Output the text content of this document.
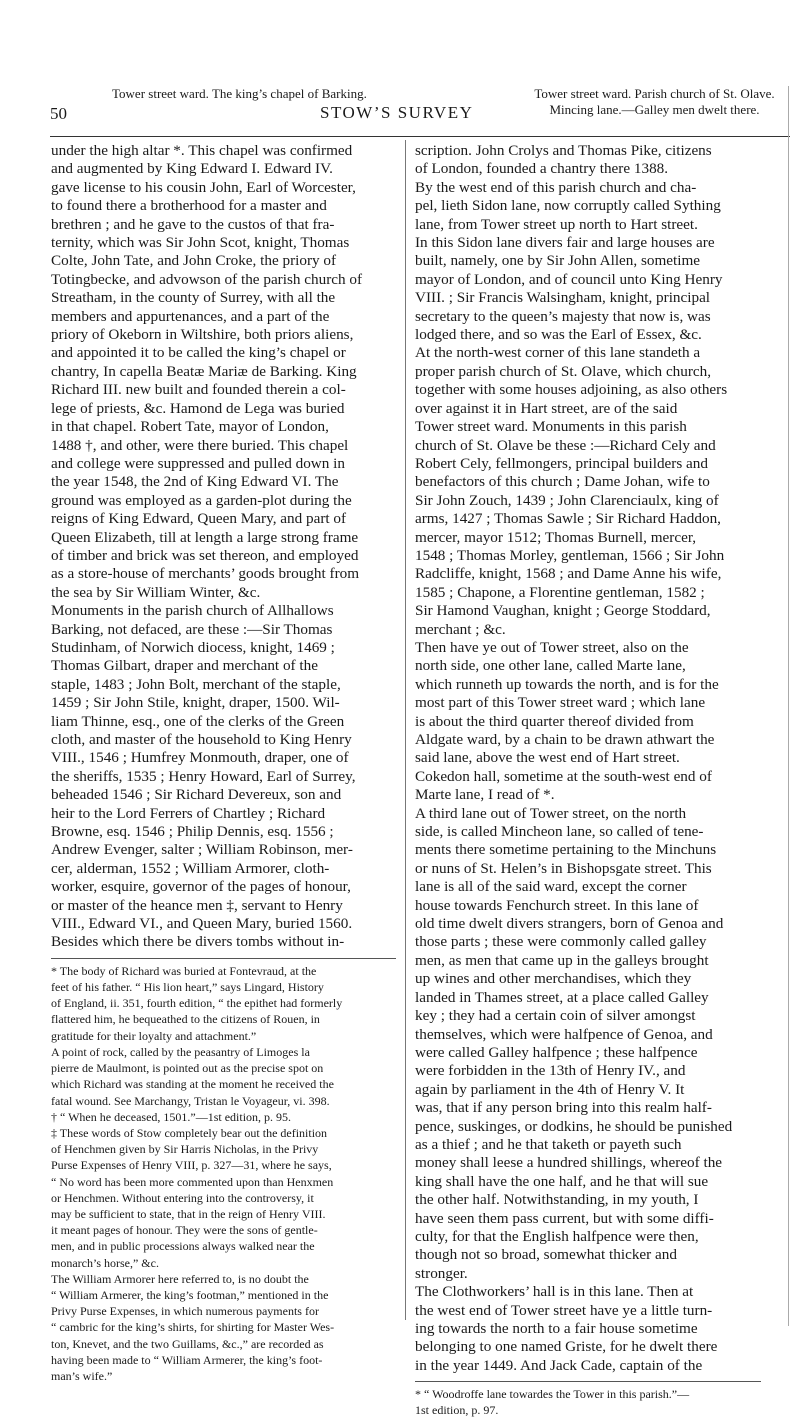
50
Tower street ward. The king’s chapel of Barking.
STOW’S SURVEY
Tower street ward. Parish church of St. Olave. Mincing lane.—Galley men dwelt there.
under the high altar *. This chapel was confirmed
and augmented by King Edward I. Edward IV.
gave license to his cousin John, Earl of Worcester,
to found there a brotherhood for a master and
brethren ; and he gave to the custos of that fra-
ternity, which was Sir John Scot, knight, Thomas
Colte, John Tate, and John Croke, the priory of
Totingbecke, and advowson of the parish church of
Streatham, in the county of Surrey, with all the
members and appurtenances, and a part of the
priory of Okeborn in Wiltshire, both priors aliens,
and appointed it to be called the king’s chapel or
chantry, In capella Beatæ Mariæ de Barking. King
Richard III. new built and founded therein a col-
lege of priests, &c. Hamond de Lega was buried
in that chapel. Robert Tate, mayor of London,
1488 †, and other, were there buried. This chapel
and college were suppressed and pulled down in
the year 1548, the 2nd of King Edward VI. The
ground was employed as a garden-plot during the
reigns of King Edward, Queen Mary, and part of
Queen Elizabeth, till at length a large strong frame
of timber and brick was set thereon, and employed
as a store-house of merchants’ goods brought from
the sea by Sir William Winter, &c.
Monuments in the parish church of Allhallows
Barking, not defaced, are these :—Sir Thomas
Studinham, of Norwich diocess, knight, 1469 ;
Thomas Gilbart, draper and merchant of the
staple, 1483 ; John Bolt, merchant of the staple,
1459 ; Sir John Stile, knight, draper, 1500. Wil-
liam Thinne, esq., one of the clerks of the Green
cloth, and master of the household to King Henry
VIII., 1546 ; Humfrey Monmouth, draper, one of
the sheriffs, 1535 ; Henry Howard, Earl of Surrey,
beheaded 1546 ; Sir Richard Devereux, son and
heir to the Lord Ferrers of Chartley ; Richard
Browne, esq. 1546 ; Philip Dennis, esq. 1556 ;
Andrew Evenger, salter ; William Robinson, mer-
cer, alderman, 1552 ; William Armorer, cloth-
worker, esquire, governor of the pages of honour,
or master of the heance men ‡, servant to Henry
VIII., Edward VI., and Queen Mary, buried 1560.
Besides which there be divers tombs without in-
* The body of Richard was buried at Fontevraud, at the
feet of his father. “ His lion heart,” says Lingard, History
of England, ii. 351, fourth edition, “ the epithet had formerly
flattered him, he bequeathed to the citizens of Rouen, in
gratitude for their loyalty and attachment.”
A point of rock, called by the peasantry of Limoges la
pierre de Maulmont, is pointed out as the precise spot on
which Richard was standing at the moment he received the
fatal wound. See Marchangy, Tristan le Voyageur, vi. 398.
† “ When he deceased, 1501.”—1st edition, p. 95.
‡ These words of Stow completely bear out the definition
of Henchmen given by Sir Harris Nicholas, in the Privy
Purse Expenses of Henry VIII, p. 327—31, where he says,
“ No word has been more commented upon than Henxmen
or Henchmen. Without entering into the controversy, it
may be sufficient to state, that in the reign of Henry VIII.
it meant pages of honour. They were the sons of gentle-
men, and in public processions always walked near the
monarch’s horse,” &c.
The William Armorer here referred to, is no doubt the
“ William Armerer, the king’s footman,” mentioned in the
Privy Purse Expenses, in which numerous payments for
“ cambric for the king’s shirts, for shirting for Master Wes-
ton, Knevet, and the two Guillams, &c.,” are recorded as
having been made to “ William Armerer, the king’s foot-
man’s wife.”
scription. John Crolys and Thomas Pike, citizens
of London, founded a chantry there 1388.
By the west end of this parish church and cha-
pel, lieth Sidon lane, now corruptly called Sything
lane, from Tower street up north to Hart street.
In this Sidon lane divers fair and large houses are
built, namely, one by Sir John Allen, sometime
mayor of London, and of council unto King Henry
VIII. ; Sir Francis Walsingham, knight, principal
secretary to the queen’s majesty that now is, was
lodged there, and so was the Earl of Essex, &c.
At the north-west corner of this lane standeth a
proper parish church of St. Olave, which church,
together with some houses adjoining, as also others
over against it in Hart street, are of the said
Tower street ward. Monuments in this parish
church of St. Olave be these :—Richard Cely and
Robert Cely, fellmongers, principal builders and
benefactors of this church ; Dame Johan, wife to
Sir John Zouch, 1439 ; John Clarenciaulx, king of
arms, 1427 ; Thomas Sawle ; Sir Richard Haddon,
mercer, mayor 1512; Thomas Burnell, mercer,
1548 ; Thomas Morley, gentleman, 1566 ; Sir John
Radcliffe, knight, 1568 ; and Dame Anne his wife,
1585 ; Chapone, a Florentine gentleman, 1582 ;
Sir Hamond Vaughan, knight ; George Stoddard,
merchant ; &c.
Then have ye out of Tower street, also on the
north side, one other lane, called Marte lane,
which runneth up towards the north, and is for the
most part of this Tower street ward ; which lane
is about the third quarter thereof divided from
Aldgate ward, by a chain to be drawn athwart the
said lane, above the west end of Hart street.
Cokedon hall, sometime at the south-west end of
Marte lane, I read of *.
A third lane out of Tower street, on the north
side, is called Mincheon lane, so called of tene-
ments there sometime pertaining to the Minchuns
or nuns of St. Helen’s in Bishopsgate street. This
lane is all of the said ward, except the corner
house towards Fenchurch street. In this lane of
old time dwelt divers strangers, born of Genoa and
those parts ; these were commonly called galley
men, as men that came up in the galleys brought
up wines and other merchandises, which they
landed in Thames street, at a place called Galley
key ; they had a certain coin of silver amongst
themselves, which were halfpence of Genoa, and
were called Galley halfpence ; these halfpence
were forbidden in the 13th of Henry IV., and
again by parliament in the 4th of Henry V. It
was, that if any person bring into this realm half-
pence, suskinges, or dodkins, he should be punished
as a thief ; and he that taketh or payeth such
money shall leese a hundred shillings, whereof the
king shall have the one half, and he that will sue
the other half. Notwithstanding, in my youth, I
have seen them pass current, but with some diffi-
culty, for that the English halfpence were then,
though not so broad, somewhat thicker and
stronger.
The Clothworkers’ hall is in this lane. Then at
the west end of Tower street have ye a little turn-
ing towards the north to a fair house sometime
belonging to one named Griste, for he dwelt there
in the year 1449. And Jack Cade, captain of the
* “ Woodroffe lane towardes the Tower in this parish.”—
1st edition, p. 97.
